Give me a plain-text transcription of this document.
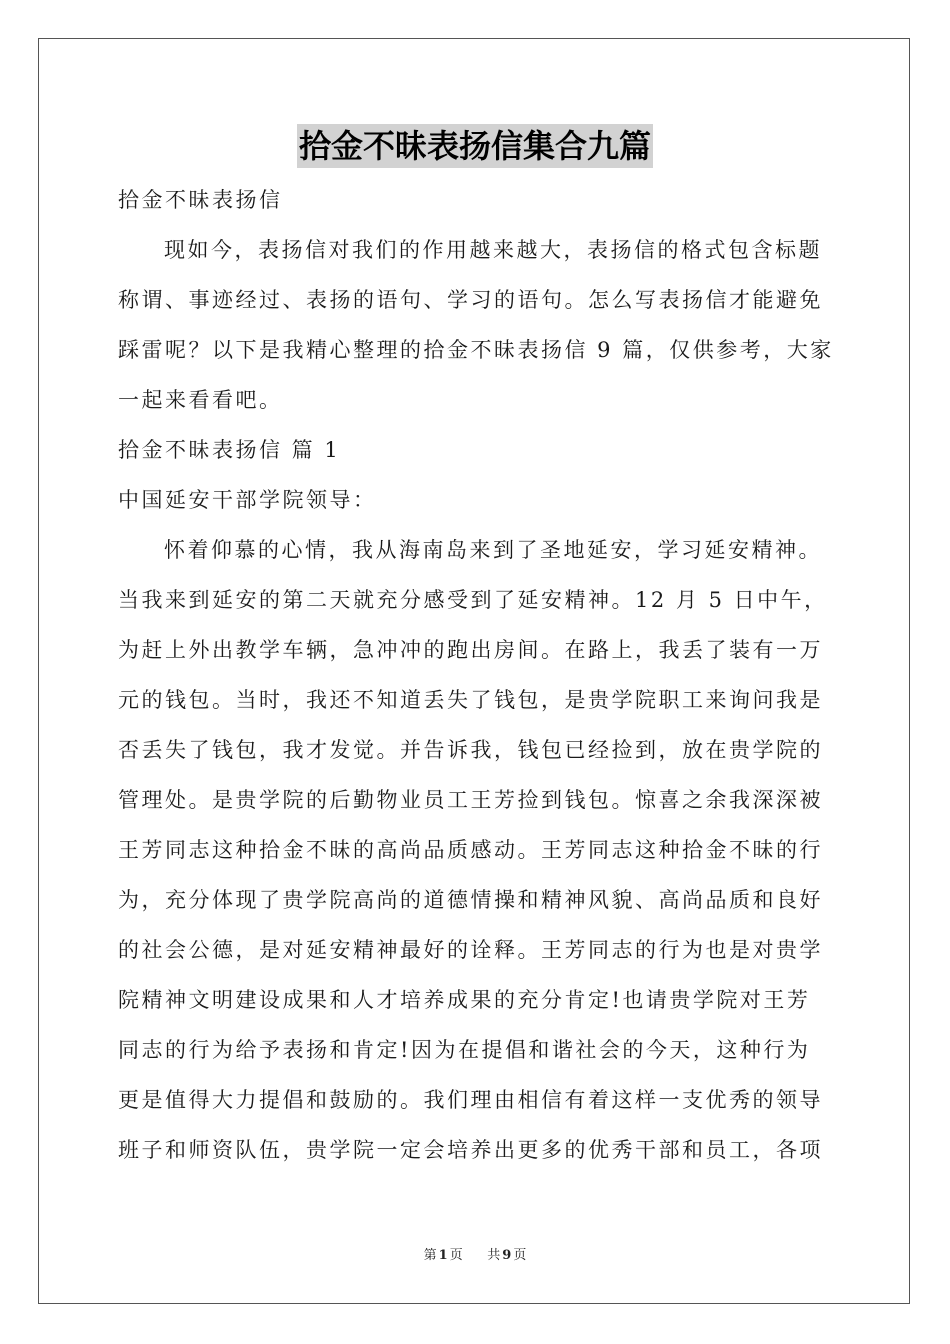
拾金不昧表扬信集合九篇
拾金不昧表扬信
现如今，表扬信对我们的作用越来越大，表扬信的格式包含标题
称谓、事迹经过、表扬的语句、学习的语句。怎么写表扬信才能避免
踩雷呢？以下是我精心整理的拾金不昧表扬信 9 篇，仅供参考，大家
一起来看看吧。
拾金不昧表扬信 篇 1
中国延安干部学院领导：
怀着仰慕的心情，我从海南岛来到了圣地延安，学习延安精神。
当我来到延安的第二天就充分感受到了延安精神。12 月 5 日中午，
为赶上外出教学车辆，急冲冲的跑出房间。在路上，我丢了装有一万
元的钱包。当时，我还不知道丢失了钱包，是贵学院职工来询问我是
否丢失了钱包，我才发觉。并告诉我，钱包已经捡到，放在贵学院的
管理处。是贵学院的后勤物业员工王芳捡到钱包。惊喜之余我深深被
王芳同志这种拾金不昧的高尚品质感动。王芳同志这种拾金不昧的行
为，充分体现了贵学院高尚的道德情操和精神风貌、高尚品质和良好
的社会公德，是对延安精神最好的诠释。王芳同志的行为也是对贵学
院精神文明建设成果和人才培养成果的充分肯定!也请贵学院对王芳
同志的行为给予表扬和肯定!因为在提倡和谐社会的今天，这种行为
更是值得大力提倡和鼓励的。我们理由相信有着这样一支优秀的领导
班子和师资队伍，贵学院一定会培养出更多的优秀干部和员工，各项
第 1 页 共 9 页
